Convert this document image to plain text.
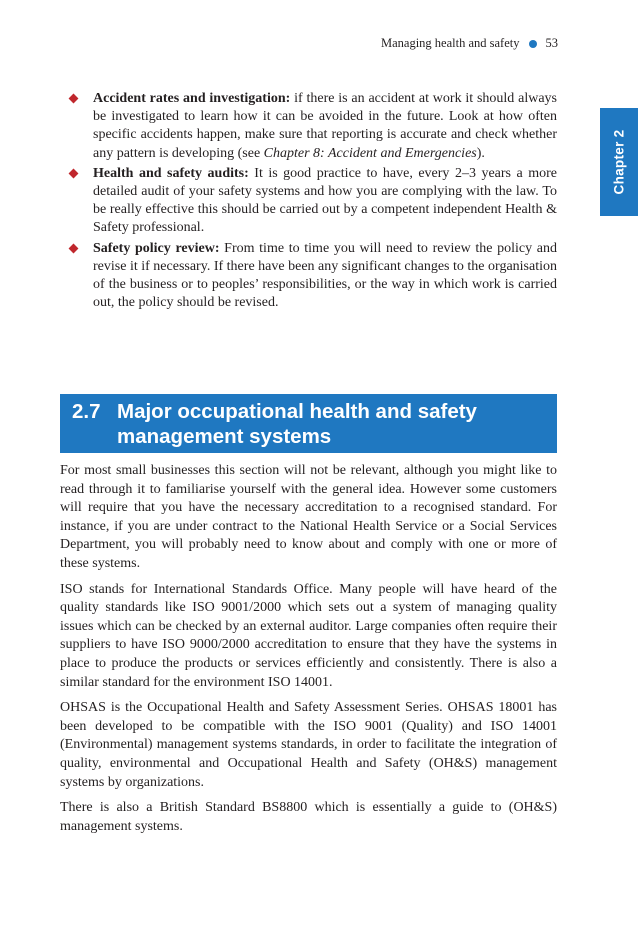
Managing health and safety 53
Chapter 2
Accident rates and investigation: if there is an accident at work it should always be investigated to learn how it can be avoided in the future. Look at how often specific accidents happen, make sure that reporting is accurate and check whether any pattern is developing (see Chapter 8: Accident and Emergencies).
Health and safety audits: It is good practice to have, every 2–3 years a more detailed audit of your safety systems and how you are complying with the law. To be really effective this should be carried out by a competent independent Health & Safety professional.
Safety policy review: From time to time you will need to review the policy and revise it if necessary. If there have been any significant changes to the organisation of the business or to peoples’ responsibilities, or the way in which work is carried out, the policy should be revised.
2.7 Major occupational health and safety
management systems

For most small businesses this section will not be relevant, although you might like to read through it to familiarise yourself with the general idea. However some customers will require that you have the necessary accreditation to a recognised standard. For instance, if you are under contract to the National Health Service or a Social Services Department, you will probably need to know about and comply with one or more of these systems.

ISO stands for International Standards Office. Many people will have heard of the quality standards like ISO 9001/2000 which sets out a system of managing quality issues which can be checked by an external auditor. Large companies often require their suppliers to have ISO 9000/2000 accreditation to ensure that they have the systems in place to produce the products or services efficiently and consistently. There is also a similar standard for the environment ISO 14001.

OHSAS is the Occupational Health and Safety Assessment Series. OHSAS 18001 has been developed to be compatible with the ISO 9001 (Quality) and ISO 14001 (Environmental) management systems standards, in order to facilitate the integration of quality, environmental and Occupational Health and Safety (OH&S) management systems by organizations.

There is also a British Standard BS8800 which is essentially a guide to (OH&S) management systems.
